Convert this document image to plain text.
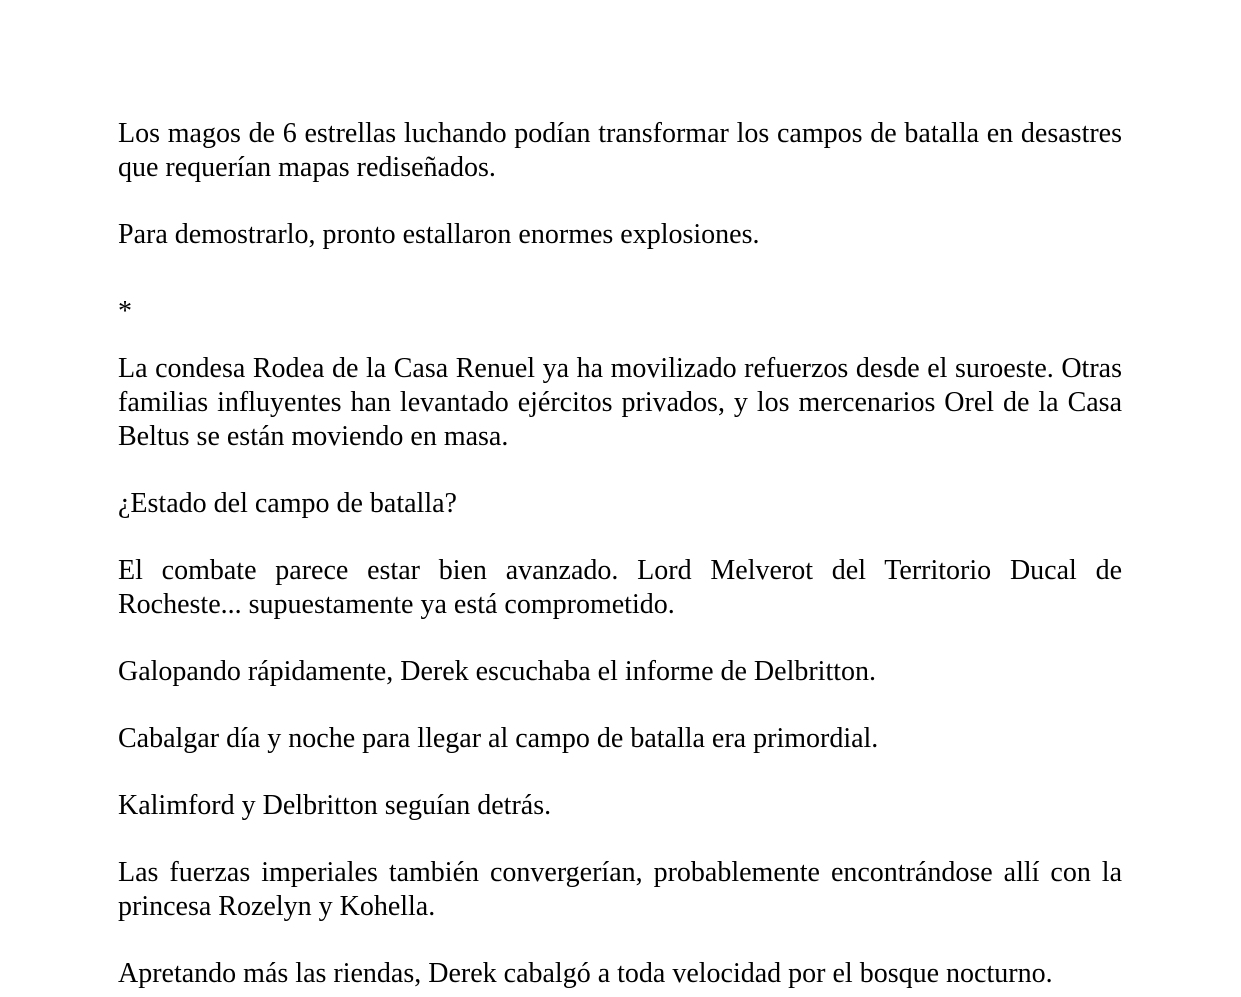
Los magos de 6 estrellas luchando podían transformar los campos de batalla en desastres que requerían mapas rediseñados.

Para demostrarlo, pronto estallaron enormes explosiones.

*

La condesa Rodea de la Casa Renuel ya ha movilizado refuerzos desde el suroeste. Otras familias influyentes han levantado ejércitos privados, y los mercenarios Orel de la Casa Beltus se están moviendo en masa.

¿Estado del campo de batalla?

El combate parece estar bien avanzado. Lord Melverot del Territorio Ducal de Rocheste... supuestamente ya está comprometido.

Galopando rápidamente, Derek escuchaba el informe de Delbritton.

Cabalgar día y noche para llegar al campo de batalla era primordial.

Kalimford y Delbritton seguían detrás.

Las fuerzas imperiales también convergerían, probablemente encontrándose allí con la princesa Rozelyn y Kohella.

Apretando más las riendas, Derek cabalgó a toda velocidad por el bosque nocturno.
